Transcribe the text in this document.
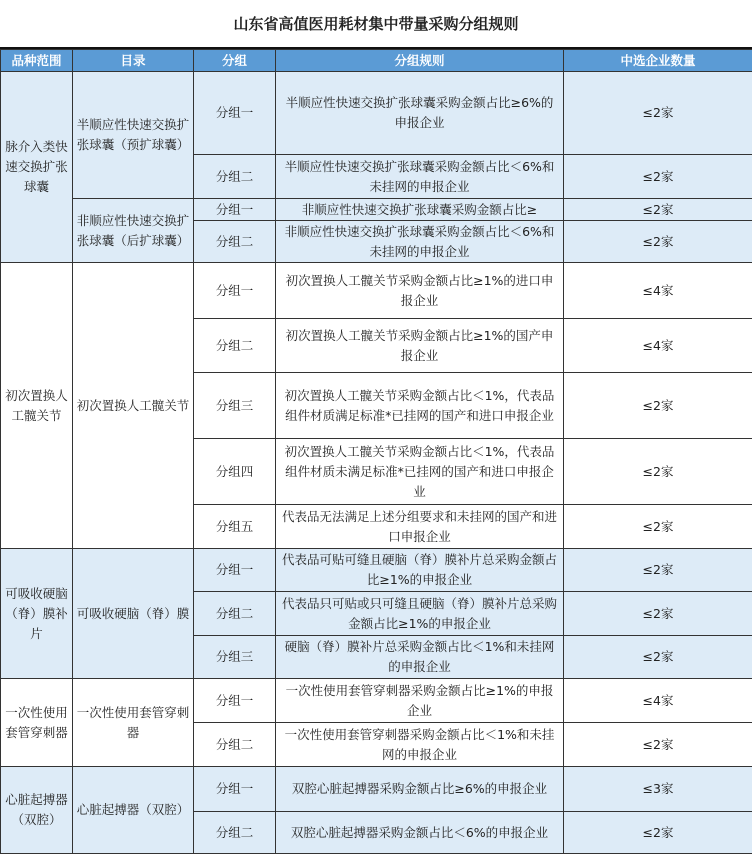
山东省高值医用耗材集中带量采购分组规则
品种范围	目录	分组	分组规则	中选企业数量
脉介入类快速交换扩张球囊	半顺应性快速交换扩张球囊（预扩球囊）	分组一	半顺应性快速交换扩张球囊采购金额占比≥6%的申报企业	≤2家
		分组二	半顺应性快速交换扩张球囊采购金额占比＜6%和未挂网的申报企业	≤2家
	非顺应性快速交换扩张球囊（后扩球囊）	分组一	非顺应性快速交换扩张球囊采购金额占比≥	≤2家
		分组二	非顺应性快速交换扩张球囊采购金额占比＜6%和未挂网的申报企业	≤2家
初次置换人工髋关节	初次置换人工髋关节	分组一	初次置换人工髋关节采购金额占比≥1%的进口申报企业	≤4家
		分组二	初次置换人工髋关节采购金额占比≥1%的国产申报企业	≤4家
		分组三	初次置换人工髋关节采购金额占比＜1%，代表品组件材质满足标准*已挂网的国产和进口申报企业	≤2家
		分组四	初次置换人工髋关节采购金额占比＜1%，代表品组件材质未满足标准*已挂网的国产和进口申报企业	≤2家
		分组五	代表品无法满足上述分组要求和未挂网的国产和进口申报企业	≤2家
可吸收硬脑（脊）膜补片	可吸收硬脑（脊）膜	分组一	代表品可贴可缝且硬脑（脊）膜补片总采购金额占比≥1%的申报企业	≤2家
		分组二	代表品只可贴或只可缝且硬脑（脊）膜补片总采购金额占比≥1%的申报企业	≤2家
		分组三	硬脑（脊）膜补片总采购金额占比＜1%和未挂网的申报企业	≤2家
一次性使用套管穿刺器	一次性使用套管穿刺器	分组一	一次性使用套管穿刺器采购金额占比≥1%的申报企业	≤4家
		分组二	一次性使用套管穿刺器采购金额占比＜1%和未挂网的申报企业	≤2家
心脏起搏器（双腔）	心脏起搏器（双腔）	分组一	双腔心脏起搏器采购金额占比≥6%的申报企业	≤3家
		分组二	双腔心脏起搏器采购金额占比＜6%的申报企业	≤2家
